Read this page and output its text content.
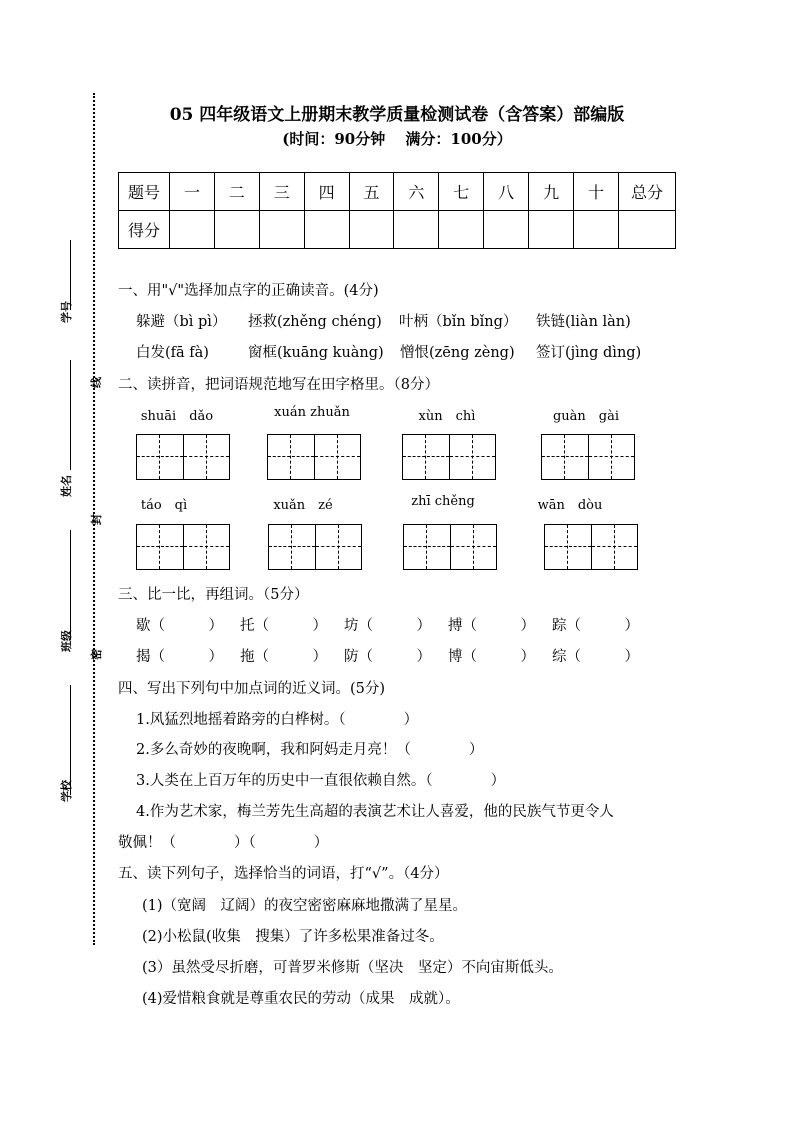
学号
线
姓名
封
班级
密
学校
05 四年级语文上册期末教学质量检测试卷（含答案）部编版
(时间：90分钟　 满分：100分）
题号	一	二	三	四	五	六	七	八	九	十	总分
得分											
一、用"√"选择加点字的正确读音。(4分)
躲避（bì pì） 拯救(zhěng chéng) 叶柄（bǐn bǐng） 铁链(liàn làn)
白发(fā fà)	窗框(kuāng kuàng) 憎恨(zēng zèng) 签订(jìng dìng)
二、读拼音，把词语规范地写在田字格里。（8分）
shuāi　dǎo	xuán zhuǎn	xùn　chì	guàn　gài
táo　qì	xuǎn　zé	zhī chěng	wān　dòu
三、比一比，再组词。（5分）
歇（　　　） 托（　　　） 坊（　　　） 搏（　　　） 踪（　　　）
揭（　　　） 拖（　　　） 防（　　　） 博（　　　） 综（　　　）
四、写出下列句中加点词的近义词。(5分)
1.风猛烈地摇着路旁的白桦树。（　　　　）
2.多么奇妙的夜晚啊，我和阿妈走月亮！（　　　　）
3.人类在上百万年的历史中一直很依赖自然。（　　　　）
4.作为艺术家，梅兰芳先生高超的表演艺术让人喜爱，他的民族气节更令人
敬佩！（　　　　）（　　　　）
五、读下列句子，选择恰当的词语，打“√”。（4分）
(1)（宽阔　辽阔）的夜空密密麻麻地撒满了星星。
(2)小松鼠(收集　搜集）了许多松果准备过冬。
(3）虽然受尽折磨，可普罗米修斯（坚决　坚定）不向宙斯低头。
(4)爱惜粮食就是尊重农民的劳动（成果　成就）。
